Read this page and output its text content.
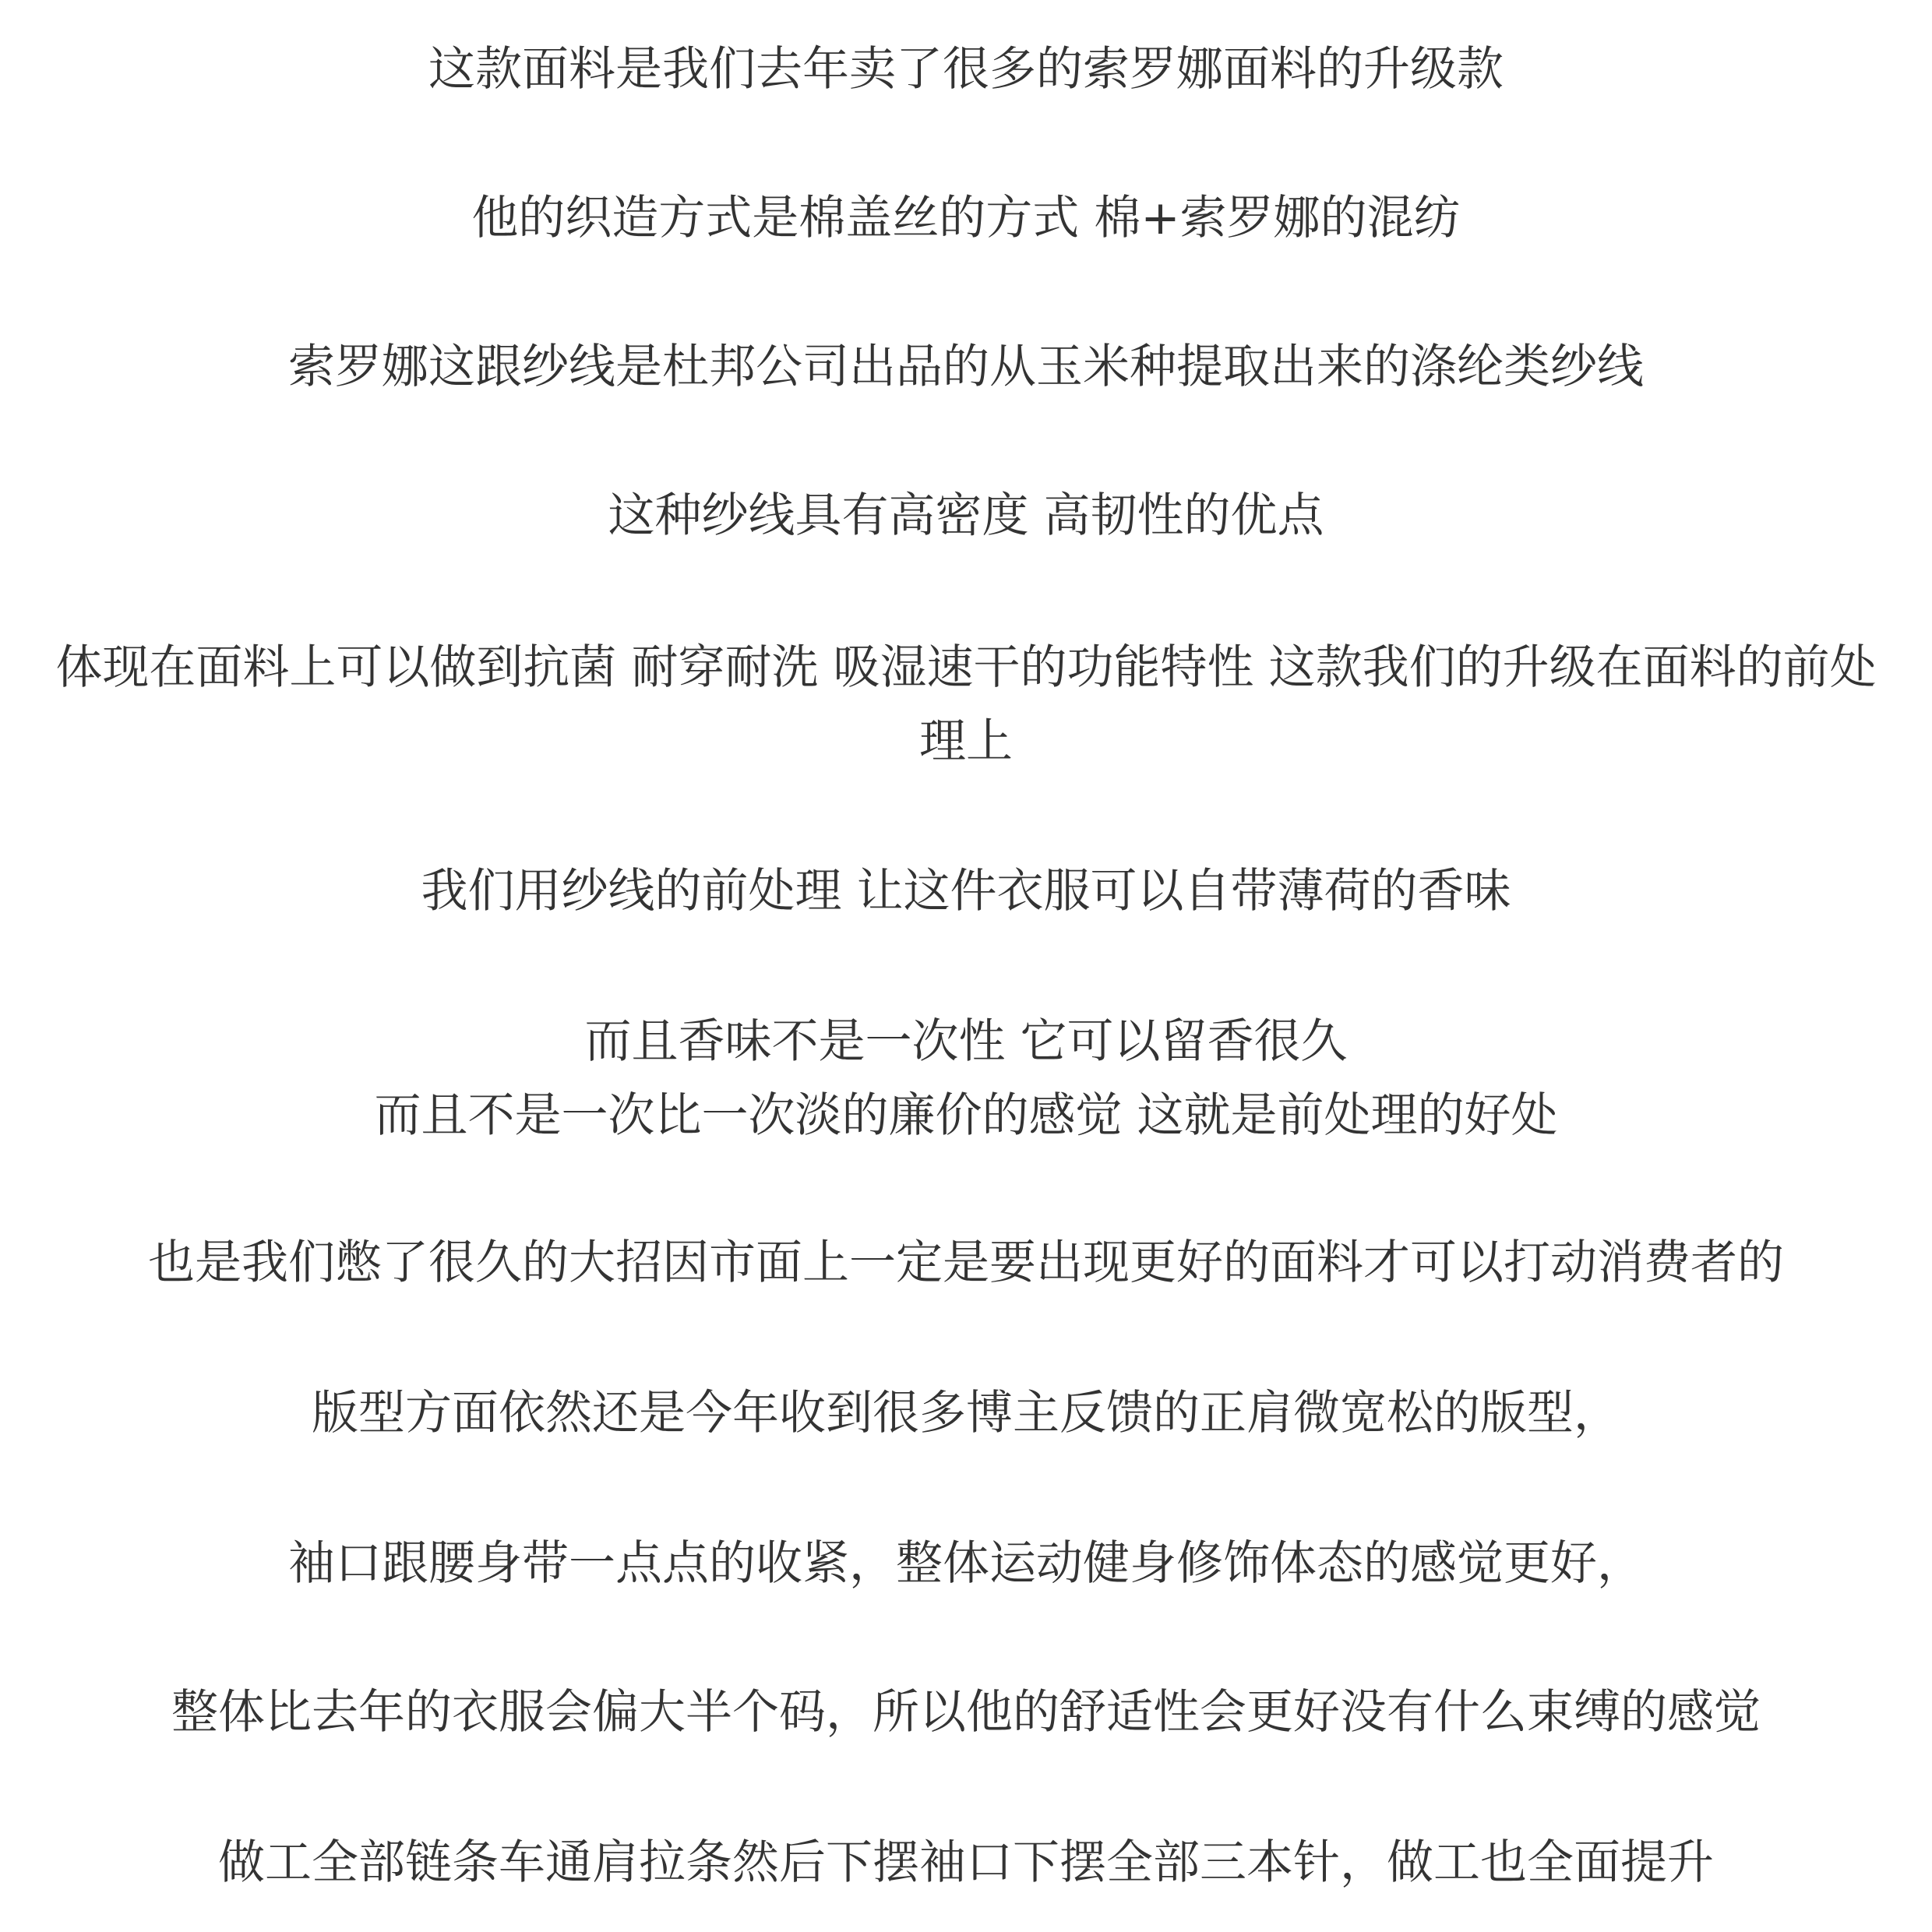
这款面料是我们去年卖了很多的索罗娜面料的升级款

他的织造方式是棉盖丝的方式 棉+索罗娜的混纺

索罗娜这跟纱线是杜邦公司出品的从玉米种提取出来的涤纶类纱线

这种纱线具有高密度 高韧性的优点

体现在面料上可以做到抗菌 耐穿耐洗 吸湿速干的功能特性 这款我们的升级在面料的前处
理上

我们用纱线的前处理 让这件衣服可以自带薄荷的香味

而且香味不是一次性 它可以留香很久
而且不是一次比一次淡的廉价的感觉 这就是前处理的好处

也是我们憋了很久的大招因市面上一定是要出现更好的面料才可以打动消费者的

版型方面依然还是今年收到很多博主反馈的正肩微宽松的版型，

袖口跟腰身带一点点的收紧，整体运动健身修饰体态的感觉更好，

整体比去年的衣服会偏大半个码，所以他的舒适性会更好没有什么束缚的感觉

做工全部链条车通肩拉条然后下摆袖口下摆全部三本针，做工也全面提升
